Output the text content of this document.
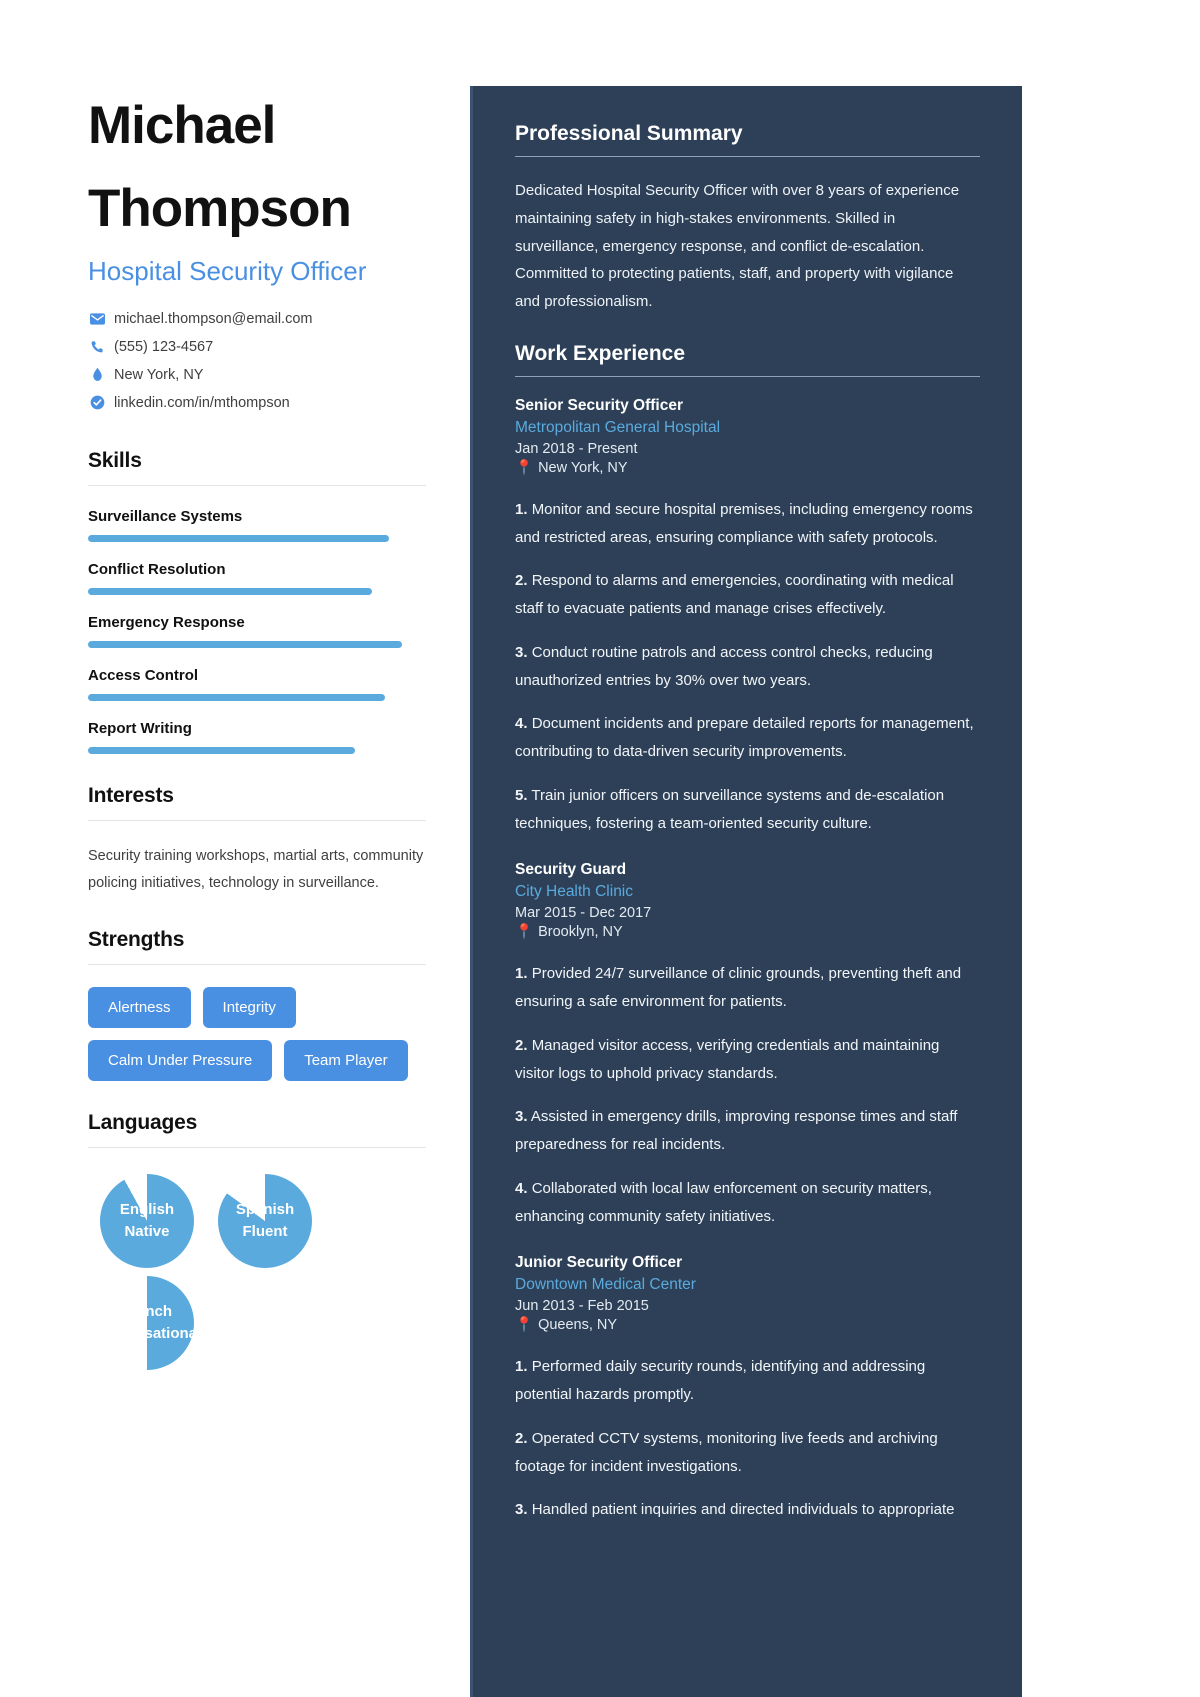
Michael
Thompson
Hospital Security Officer
michael.thompson@email.com
(555) 123-4567
New York, NY
linkedin.com/in/mthompson
Skills
Surveillance Systems
Conflict Resolution
Emergency Response
Access Control
Report Writing
Interests

Security training workshops, martial arts, community policing initiatives, technology in surveillance.

Strengths
Alertness	Integrity
Calm Under Pressure	Team Player
Languages
English
Native
Spanish
Fluent
French
Conversational
Professional Summary

Dedicated Hospital Security Officer with over 8 years of experience maintaining safety in high-stakes environments. Skilled in surveillance, emergency response, and conflict de-escalation. Committed to protecting patients, staff, and property with vigilance and professionalism.

Work Experience
Senior Security Officer
Metropolitan General Hospital
Jan 2018 - Present
📍 New York, NY

1. Monitor and secure hospital premises, including emergency rooms and restricted areas, ensuring compliance with safety protocols.

2. Respond to alarms and emergencies, coordinating with medical staff to evacuate patients and manage crises effectively.

3. Conduct routine patrols and access control checks, reducing unauthorized entries by 30% over two years.

4. Document incidents and prepare detailed reports for management, contributing to data-driven security improvements.

5. Train junior officers on surveillance systems and de-escalation techniques, fostering a team-oriented security culture.

Security Guard
City Health Clinic
Mar 2015 - Dec 2017
📍 Brooklyn, NY

1. Provided 24/7 surveillance of clinic grounds, preventing theft and ensuring a safe environment for patients.

2. Managed visitor access, verifying credentials and maintaining visitor logs to uphold privacy standards.

3. Assisted in emergency drills, improving response times and staff preparedness for real incidents.

4. Collaborated with local law enforcement on security matters, enhancing community safety initiatives.

Junior Security Officer
Downtown Medical Center
Jun 2013 - Feb 2015
📍 Queens, NY

1. Performed daily security rounds, identifying and addressing potential hazards promptly.

2. Operated CCTV systems, monitoring live feeds and archiving footage for incident investigations.

3. Handled patient inquiries and directed individuals to appropriate
